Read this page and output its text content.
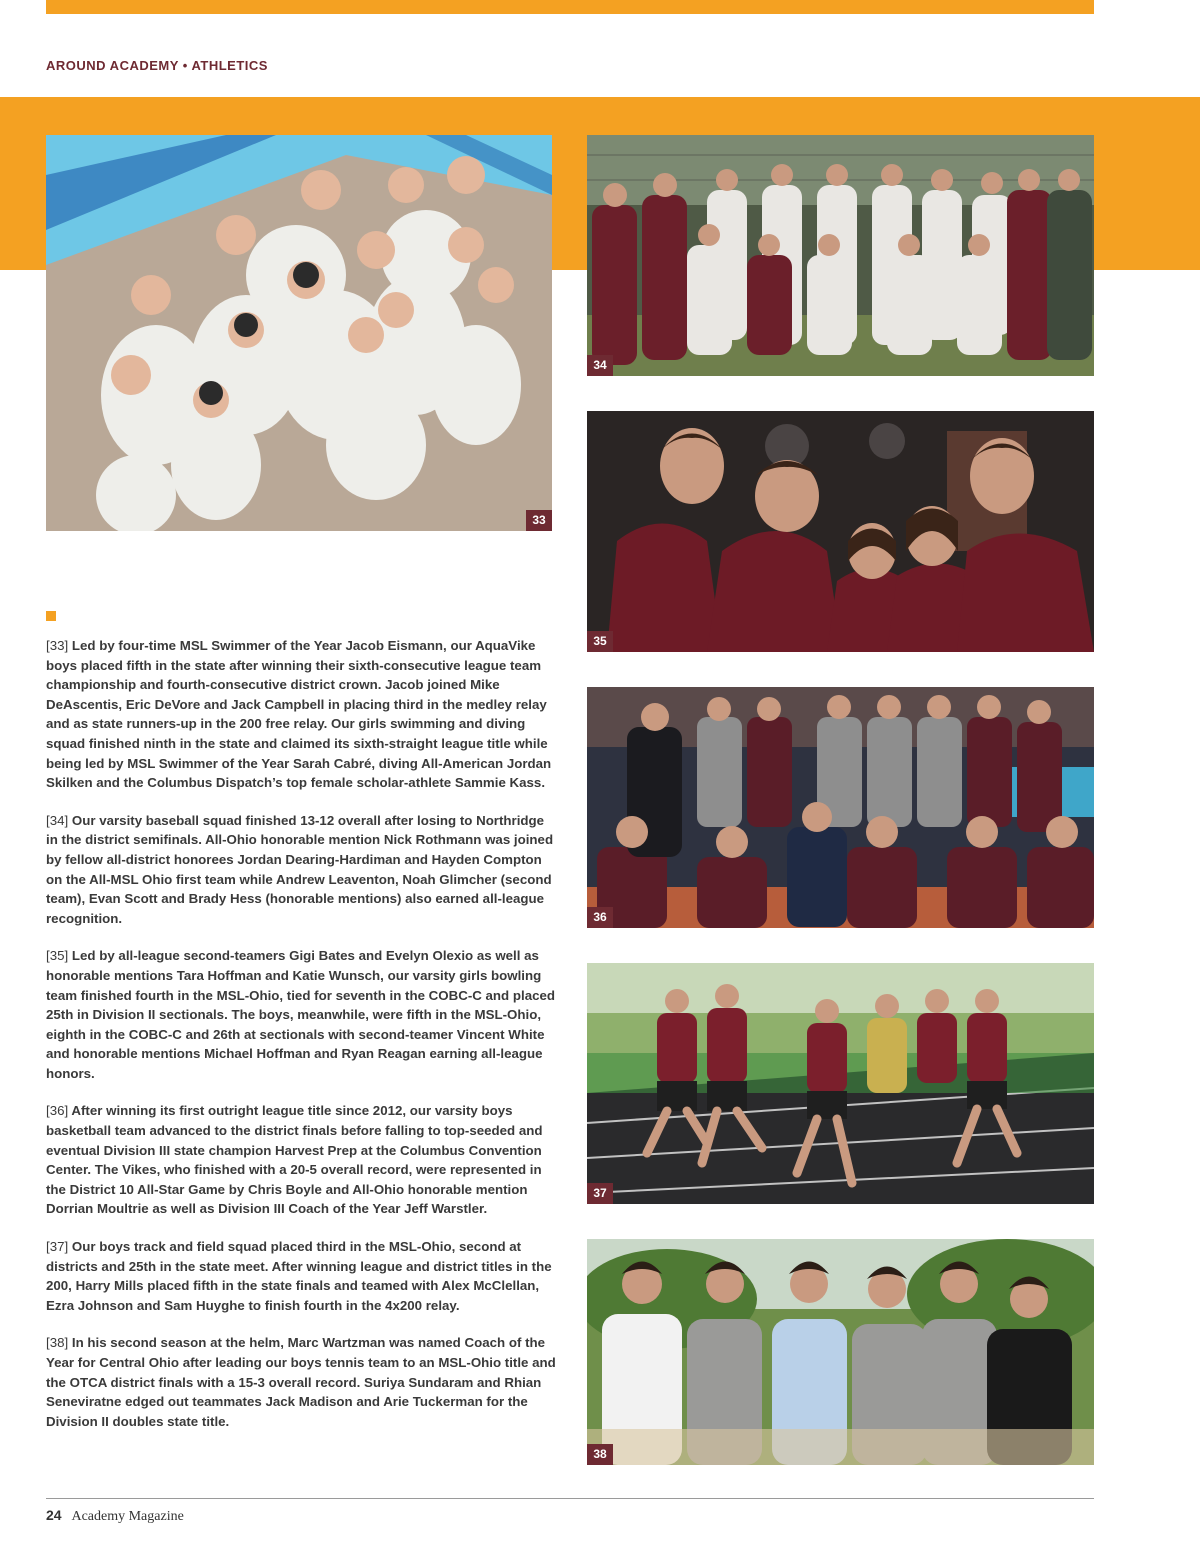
AROUND ACADEMY • ATHLETICS
33
34
35
36
37
38

[33] Led by four-time MSL Swimmer of the Year Jacob Eismann, our AquaVike boys placed fifth in the state after winning their sixth-consecutive league team championship and fourth-consecutive district crown. Jacob joined Mike DeAscentis, Eric DeVore and Jack Campbell in placing third in the medley relay and as state runners-up in the 200 free relay. Our girls swimming and diving squad finished ninth in the state and claimed its sixth-straight league title while being led by MSL Swimmer of the Year Sarah Cabré, diving All-American Jordan Skilken and the Columbus Dispatch’s top female scholar-athlete Sammie Kass.

[34] Our varsity baseball squad finished 13-12 overall after losing to Northridge in the district semifinals. All-Ohio honorable mention Nick Rothmann was joined by fellow all-district honorees Jordan Dearing-Hardiman and Hayden Compton on the All-MSL Ohio first team while Andrew Leaventon, Noah Glimcher (second team), Evan Scott and Brady Hess (honorable mentions) also earned all-league recognition.

[35] Led by all-league second-teamers Gigi Bates and Evelyn Olexio as well as honorable mentions Tara Hoffman and Katie Wunsch, our varsity girls bowling team finished fourth in the MSL-Ohio, tied for seventh in the COBC-C and placed 25th in Division II sectionals. The boys, meanwhile, were fifth in the MSL-Ohio, eighth in the COBC-C and 26th at sectionals with second-teamer Vincent White and honorable mentions Michael Hoffman and Ryan Reagan earning all-league honors.

[36] After winning its first outright league title since 2012, our varsity boys basketball team advanced to the district finals before falling to top-seeded and eventual Division III state champion Harvest Prep at the Columbus Convention Center. The Vikes, who finished with a 20-5 overall record, were represented in the District 10 All-Star Game by Chris Boyle and All-Ohio honorable mention Dorrian Moultrie as well as Division III Coach of the Year Jeff Warstler.

[37] Our boys track and field squad placed third in the MSL-Ohio, second at districts and 25th in the state meet. After winning league and district titles in the 200, Harry Mills placed fifth in the state finals and teamed with Alex McClellan, Ezra Johnson and Sam Huyghe to finish fourth in the 4x200 relay.

[38] In his second season at the helm, Marc Wartzman was named Coach of the Year for Central Ohio after leading our boys tennis team to an MSL-Ohio title and the OTCA district finals with a 15-3 overall record. Suriya Sundaram and Rhian Seneviratne edged out teammates Jack Madison and Arie Tuckerman for the Division II doubles state title.

24 Academy Magazine
